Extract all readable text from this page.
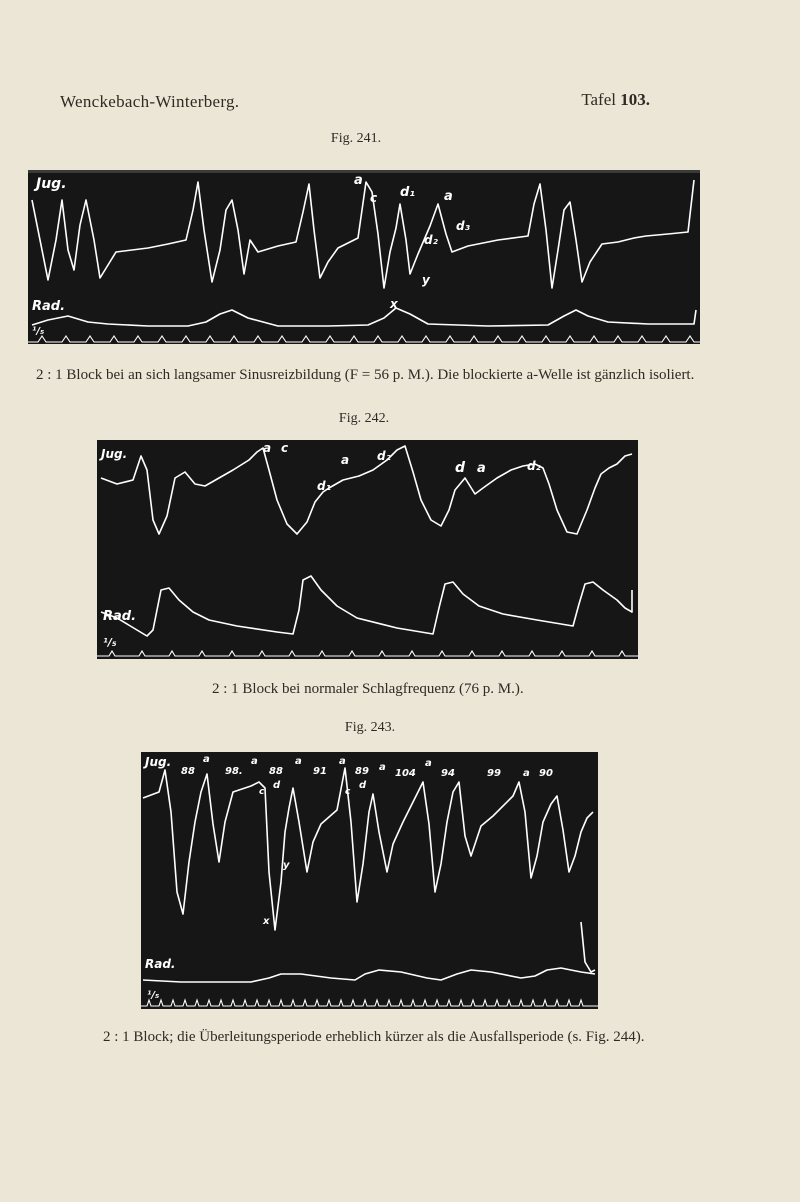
Wenckebach-Winterberg.	Tafel 103.
Fig. 241.
Jug.
Rad.
¹/₅
a
c d₁ a
d₂
d₃
y
x
2 : 1 Block bei an sich langsamer Sinusreizbildung (F = 56 p. M.). Die blockierte a-Welle ist gänzlich isoliert.
Fig. 242.
Jug.
Rad.
¹/₅
a c
a d₂
d₁
d a	d₂
2 : 1 Block bei normaler Schlagfrequenz (76 p. M.).
Fig. 243.
Jug.
Rad.
¹/₅
88	98.	88	91	89	104	94	99	90
a	a	a	a
a	a
a
c
d
c
d
y
x
2 : 1 Block; die Überleitungsperiode erheblich kürzer als die Ausfallsperiode (s. Fig. 244).
